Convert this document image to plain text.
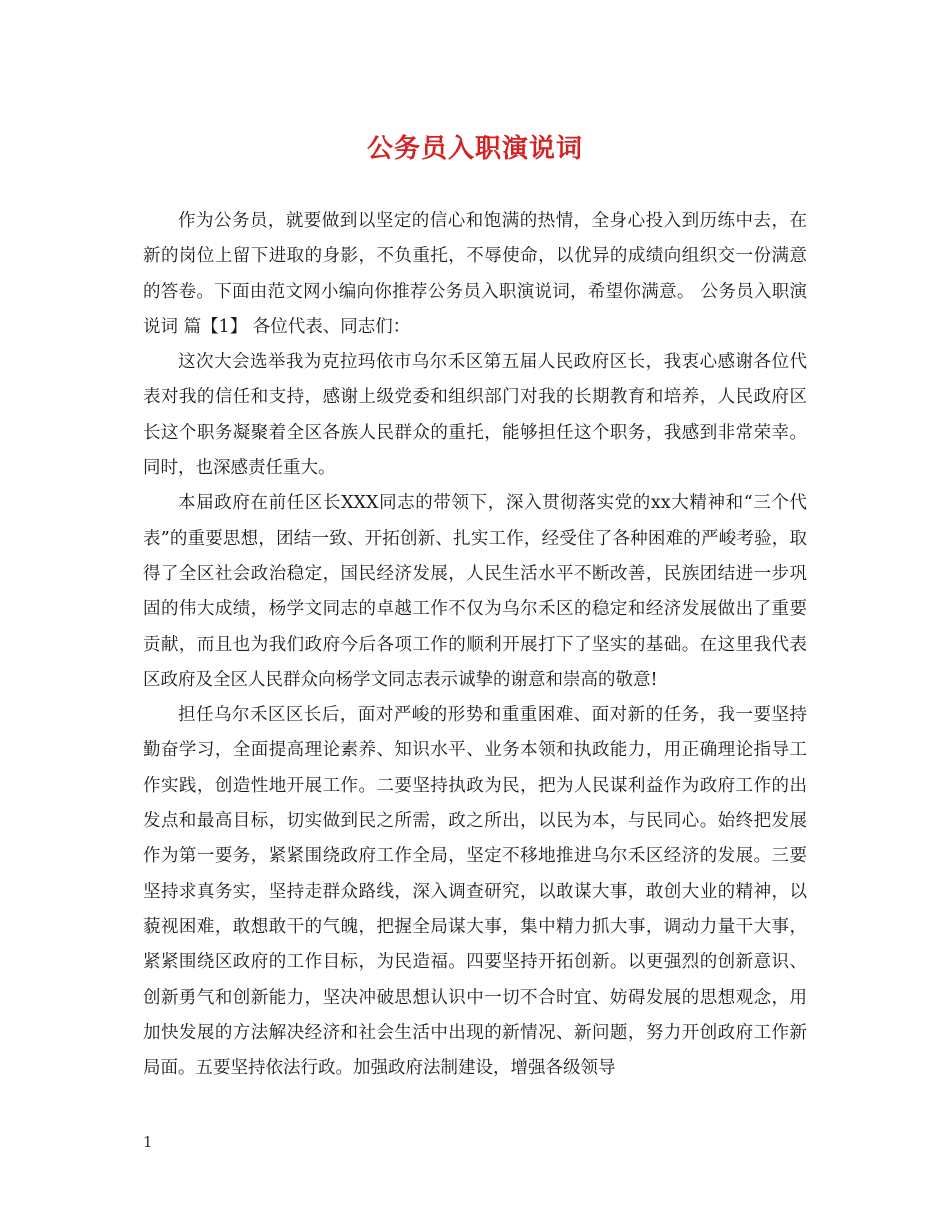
公务员入职演说词

作为公务员，就要做到以坚定的信心和饱满的热情，全身心投入到历练中去，在新的岗位上留下进取的身影，不负重托，不辱使命，以优异的成绩向组织交一份满意的答卷。下面由范文网小编向你推荐公务员入职演说词，希望你满意。 公务员入职演说词 篇【1】 各位代表、同志们：

这次大会选举我为克拉玛依市乌尔禾区第五届人民政府区长，我衷心感谢各位代表对我的信任和支持，感谢上级党委和组织部门对我的长期教育和培养，人民政府区长这个职务凝聚着全区各族人民群众的重托，能够担任这个职务，我感到非常荣幸。同时，也深感责任重大。

本届政府在前任区长XXX同志的带领下，深入贯彻落实党的xx大精神和“三个代表”的重要思想，团结一致、开拓创新、扎实工作，经受住了各种困难的严峻考验，取得了全区社会政治稳定，国民经济发展，人民生活水平不断改善，民族团结进一步巩固的伟大成绩，杨学文同志的卓越工作不仅为乌尔禾区的稳定和经济发展做出了重要贡献，而且也为我们政府今后各项工作的顺利开展打下了坚实的基础。在这里我代表区政府及全区人民群众向杨学文同志表示诚挚的谢意和崇高的敬意!

担任乌尔禾区区长后，面对严峻的形势和重重困难、面对新的任务，我一要坚持勤奋学习，全面提高理论素养、知识水平、业务本领和执政能力，用正确理论指导工作实践，创造性地开展工作。二要坚持执政为民，把为人民谋利益作为政府工作的出发点和最高目标，切实做到民之所需，政之所出，以民为本，与民同心。始终把发展作为第一要务，紧紧围绕政府工作全局，坚定不移地推进乌尔禾区经济的发展。三要坚持求真务实，坚持走群众路线，深入调查研究，以敢谋大事，敢创大业的精神，以藐视困难，敢想敢干的气魄，把握全局谋大事，集中精力抓大事，调动力量干大事，紧紧围绕区政府的工作目标，为民造福。四要坚持开拓创新。以更强烈的创新意识、创新勇气和创新能力，坚决冲破思想认识中一切不合时宜、妨碍发展的思想观念，用加快发展的方法解决经济和社会生活中出现的新情况、新问题，努力开创政府工作新局面。五要坚持依法行政。加强政府法制建设，增强各级领导

1
